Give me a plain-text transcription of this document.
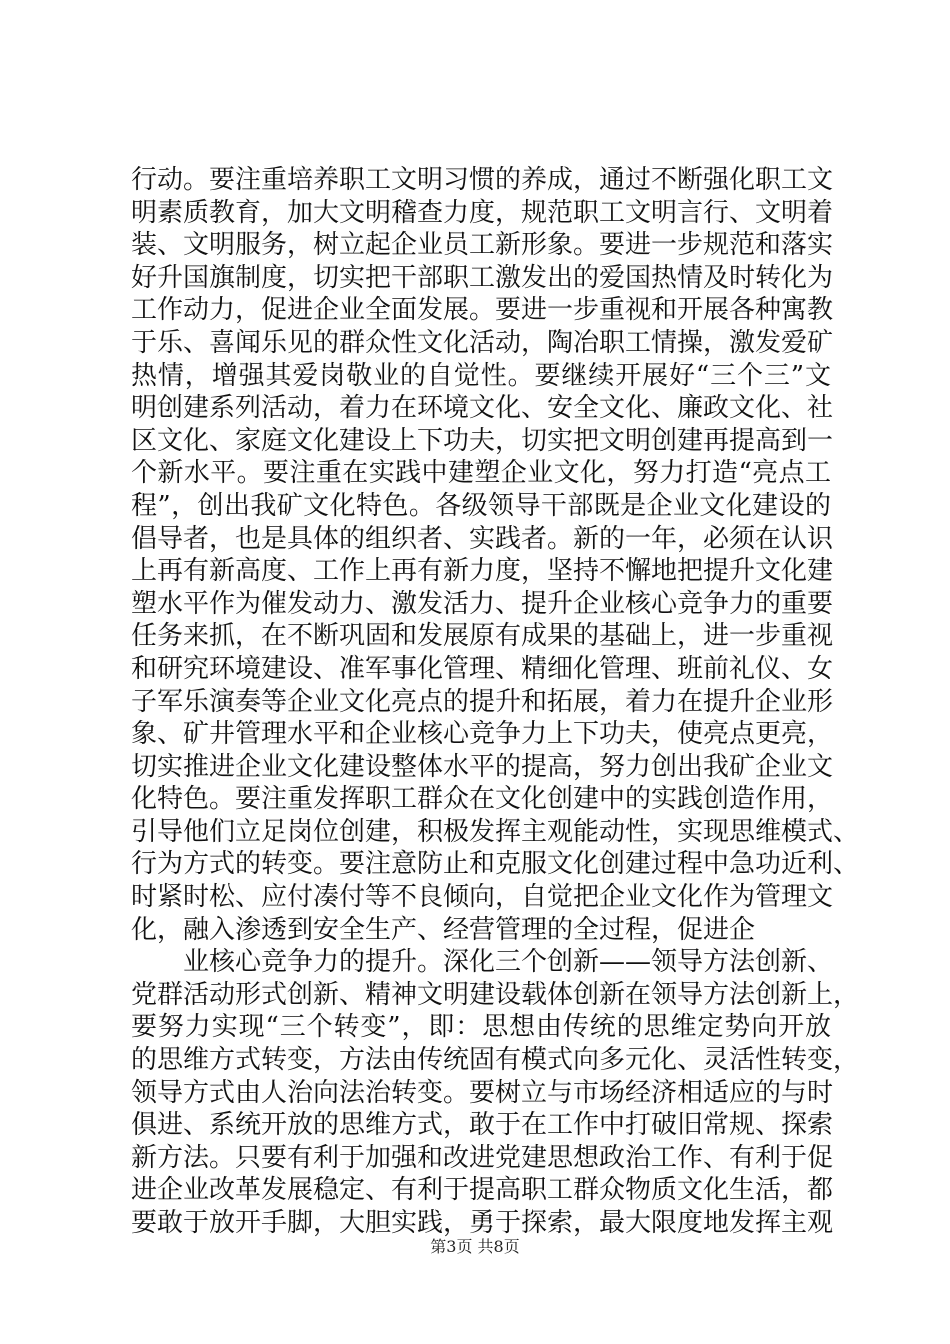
行动。要注重培养职工文明习惯的养成，通过不断强化职工文
明素质教育，加大文明稽查力度，规范职工文明言行、文明着
装、文明服务，树立起企业员工新形象。要进一步规范和落实
好升国旗制度，切实把干部职工激发出的爱国热情及时转化为
工作动力，促进企业全面发展。要进一步重视和开展各种寓教
于乐、喜闻乐见的群众性文化活动，陶冶职工情操，激发爱矿
热情，增强其爱岗敬业的自觉性。要继续开展好“三个三”文
明创建系列活动，着力在环境文化、安全文化、廉政文化、社
区文化、家庭文化建设上下功夫，切实把文明创建再提高到一
个新水平。要注重在实践中建塑企业文化，努力打造“亮点工
程”，创出我矿文化特色。各级领导干部既是企业文化建设的
倡导者，也是具体的组织者、实践者。新的一年，必须在认识
上再有新高度、工作上再有新力度，坚持不懈地把提升文化建
塑水平作为催发动力、激发活力、提升企业核心竞争力的重要
任务来抓，在不断巩固和发展原有成果的基础上，进一步重视
和研究环境建设、准军事化管理、精细化管理、班前礼仪、女
子军乐演奏等企业文化亮点的提升和拓展，着力在提升企业形
象、矿井管理水平和企业核心竞争力上下功夫，使亮点更亮，
切实推进企业文化建设整体水平的提高，努力创出我矿企业文
化特色。要注重发挥职工群众在文化创建中的实践创造作用，
引导他们立足岗位创建，积极发挥主观能动性，实现思维模式、
行为方式的转变。要注意防止和克服文化创建过程中急功近利、
时紧时松、应付凑付等不良倾向，自觉把企业文化作为管理文
化，融入渗透到安全生产、经营管理的全过程，促进企
业核心竞争力的提升。深化三个创新——领导方法创新、
党群活动形式创新、精神文明建设载体创新在领导方法创新上，
要努力实现“三个转变”，即：思想由传统的思维定势向开放
的思维方式转变，方法由传统固有模式向多元化、灵活性转变，
领导方式由人治向法治转变。要树立与市场经济相适应的与时
俱进、系统开放的思维方式，敢于在工作中打破旧常规、探索
新方法。只要有利于加强和改进党建思想政治工作、有利于促
进企业改革发展稳定、有利于提高职工群众物质文化生活，都
要敢于放开手脚，大胆实践，勇于探索，最大限度地发挥主观
第3页 共8页
